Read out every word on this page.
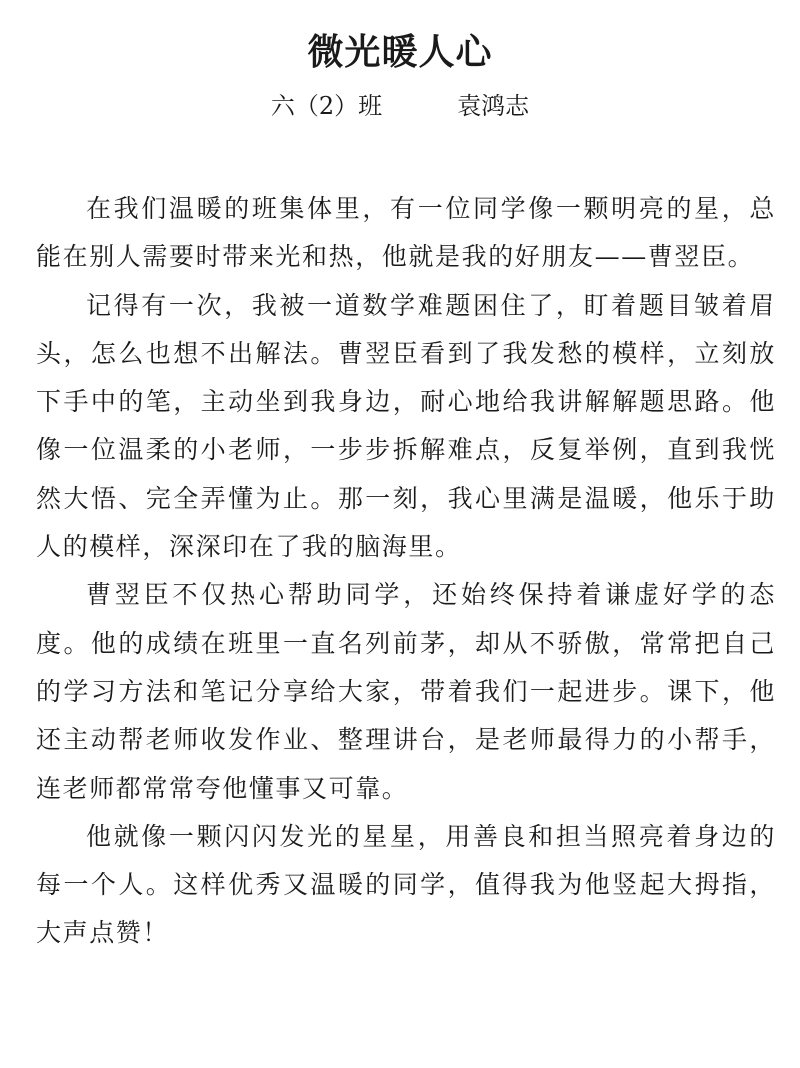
微光暖人心
六（2）班	袁鸿志

在我们温暖的班集体里，有一位同学像一颗明亮的星，总能在别人需要时带来光和热，他就是我的好朋友——曹翌臣。

记得有一次，我被一道数学难题困住了，盯着题目皱着眉头，怎么也想不出解法。曹翌臣看到了我发愁的模样，立刻放下手中的笔，主动坐到我身边，耐心地给我讲解解题思路。他像一位温柔的小老师，一步步拆解难点，反复举例，直到我恍然大悟、完全弄懂为止。那一刻，我心里满是温暖，他乐于助人的模样，深深印在了我的脑海里。

曹翌臣不仅热心帮助同学，还始终保持着谦虚好学的态度。他的成绩在班里一直名列前茅，却从不骄傲，常常把自己的学习方法和笔记分享给大家，带着我们一起进步。课下，他还主动帮老师收发作业、整理讲台，是老师最得力的小帮手，连老师都常常夸他懂事又可靠。

他就像一颗闪闪发光的星星，用善良和担当照亮着身边的每一个人。这样优秀又温暖的同学，值得我为他竖起大拇指，大声点赞！
